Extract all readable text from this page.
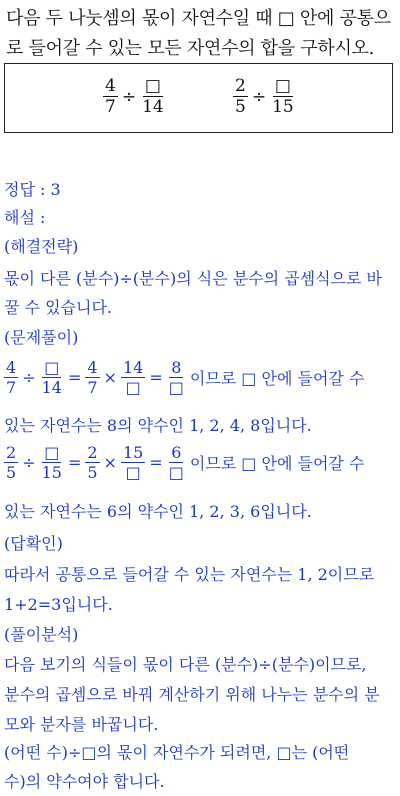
다음 두 나눗셈의 몫이 자연수일 때 □ 안에 공통으
로 들어갈 수 있는 모든 자연수의 합을 구하시오.
$\frac{4}{7} \div \frac{□}{14}$	$\frac{2}{5} \div \frac{□}{15}$
정답 : 3
해설 :
(해결전략)
몫이 다른 (분수)÷(분수)의 식은 분수의 곱셈식으로 바
꿀 수 있습니다.
(문제풀이)
$\frac{4}{7} \div \frac{□}{14} = \frac{4}{7} \times \frac{14}{□} = \frac{8}{□}$ 이므로 □ 안에 들어갈 수
있는 자연수는 8의 약수인 1, 2, 4, 8입니다.
$\frac{2}{5} \div \frac{□}{15} = \frac{2}{5} \times \frac{15}{□} = \frac{6}{□}$ 이므로 □ 안에 들어갈 수
있는 자연수는 6의 약수인 1, 2, 3, 6입니다.
(답확인)
따라서 공통으로 들어갈 수 있는 자연수는 1, 2이므로
1+2=3입니다.
(풀이분석)
다음 보기의 식들이 몫이 다른 (분수)÷(분수)이므로,
분수의 곱셈으로 바꿔 계산하기 위해 나누는 분수의 분
모와 분자를 바꿉니다.
(어떤 수)÷□의 몫이 자연수가 되려면, □는 (어떤
수)의 약수여야 합니다.
